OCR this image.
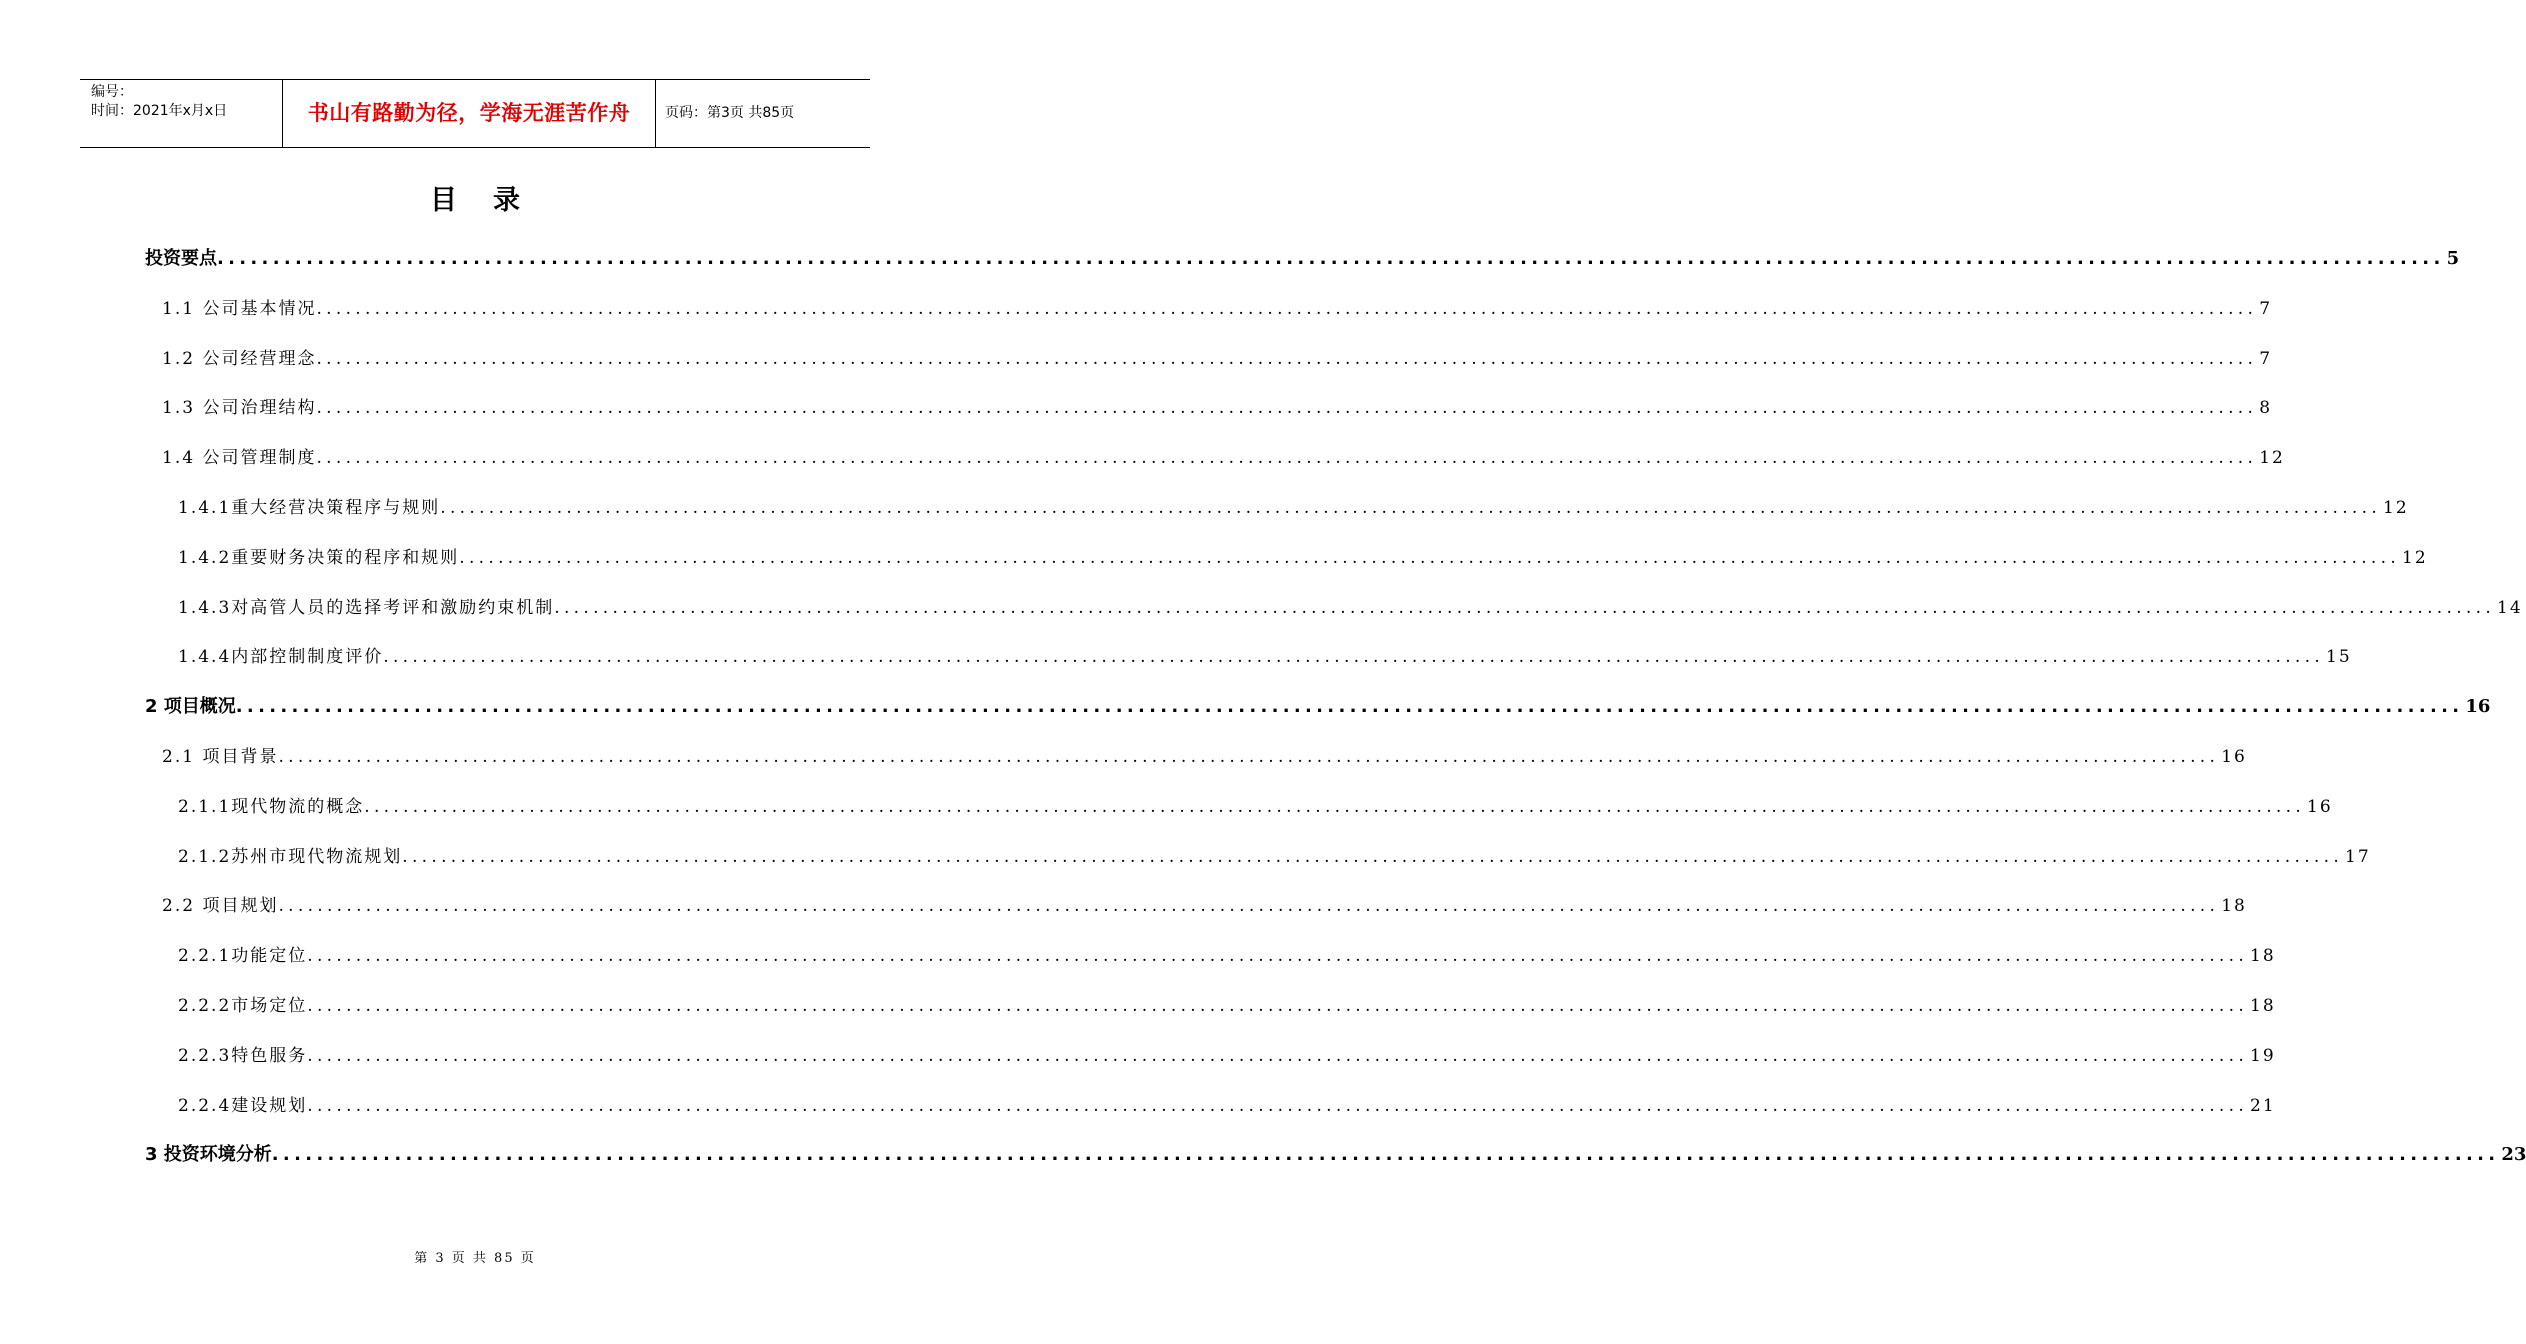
编号：
时间：2021年x月x日	书山有路勤为径，学海无涯苦作舟	页码：第3页 共85页
目录
投资要点 ........................................................................................................................................................................................................ 5
1.1 公司基本情况 ........................................................................................................................................................................................................ 7
1.2 公司经营理念 ........................................................................................................................................................................................................ 7
1.3 公司治理结构 ........................................................................................................................................................................................................ 8
1.4 公司管理制度 ........................................................................................................................................................................................................ 12
1.4.1重大经营决策程序与规则 ........................................................................................................................................................................................................ 12
1.4.2重要财务决策的程序和规则 ........................................................................................................................................................................................................ 12
1.4.3对高管人员的选择考评和激励约束机制 ........................................................................................................................................................................................................ 14
1.4.4内部控制制度评价 ........................................................................................................................................................................................................ 15
2 项目概况 ........................................................................................................................................................................................................ 16
2.1 项目背景 ........................................................................................................................................................................................................ 16
2.1.1现代物流的概念 ........................................................................................................................................................................................................ 16
2.1.2苏州市现代物流规划 ........................................................................................................................................................................................................ 17
2.2 项目规划 ........................................................................................................................................................................................................ 18
2.2.1功能定位 ........................................................................................................................................................................................................ 18
2.2.2市场定位 ........................................................................................................................................................................................................ 18
2.2.3特色服务 ........................................................................................................................................................................................................ 19
2.2.4建设规划 ........................................................................................................................................................................................................ 21
3 投资环境分析 ........................................................................................................................................................................................................ 23
第 3 页 共 85 页
